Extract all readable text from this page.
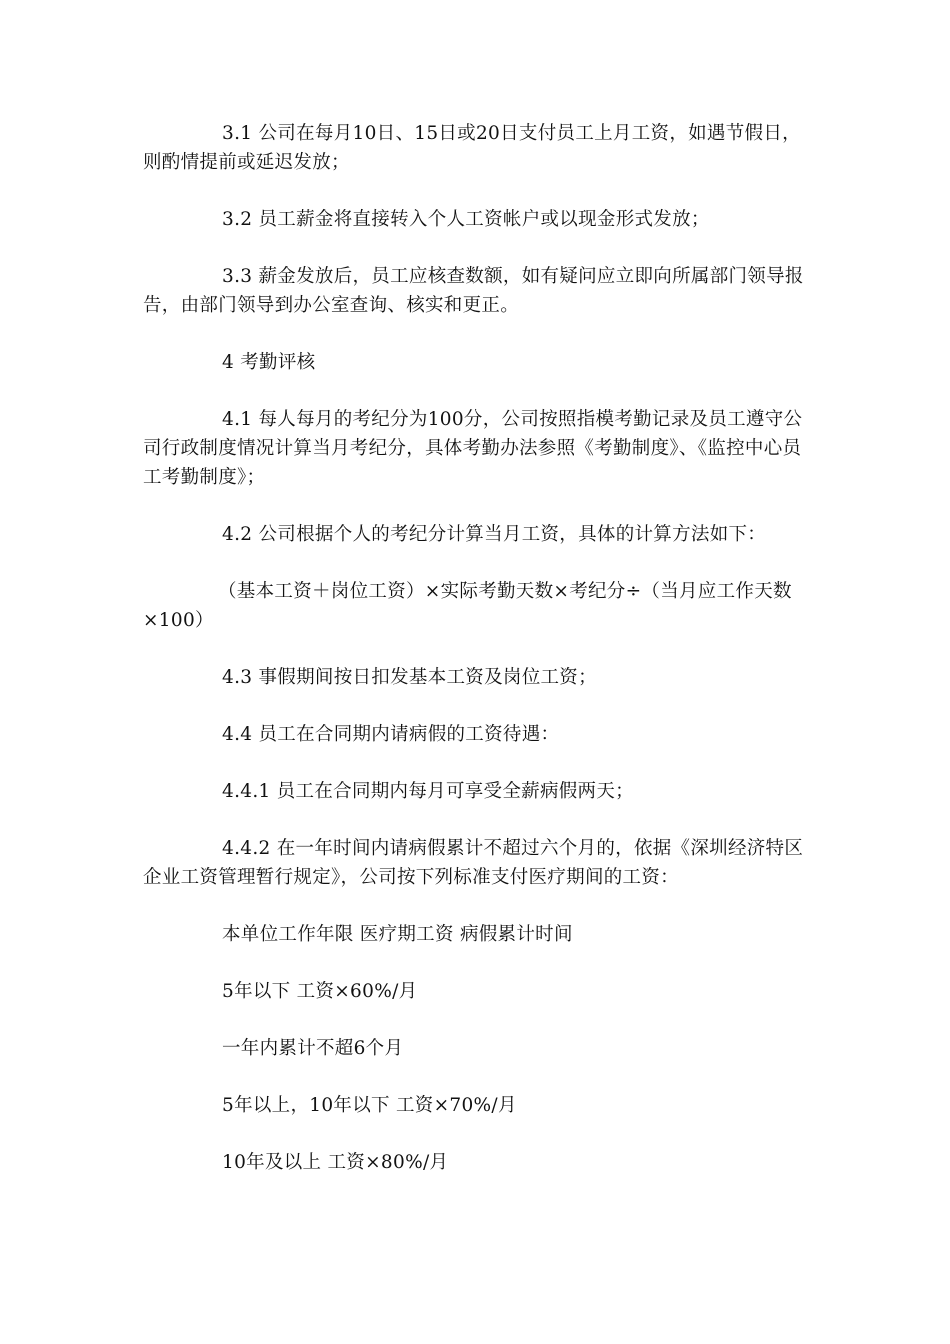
3.1 公司在每月10日、15日或20日支付员工上月工资，如遇节假日，则酌情提前或延迟发放；

3.2 员工薪金将直接转入个人工资帐户或以现金形式发放；

3.3 薪金发放后，员工应核查数额，如有疑问应立即向所属部门领导报告，由部门领导到办公室查询、核实和更正。

4 考勤评核

4.1 每人每月的考纪分为100分，公司按照指模考勤记录及员工遵守公司行政制度情况计算当月考纪分，具体考勤办法参照《考勤制度》、《监控中心员工考勤制度》；

4.2 公司根据个人的考纪分计算当月工资，具体的计算方法如下：

（基本工资＋岗位工资）×实际考勤天数×考纪分÷（当月应工作天数×100）

4.3 事假期间按日扣发基本工资及岗位工资；

4.4 员工在合同期内请病假的工资待遇：

4.4.1 员工在合同期内每月可享受全薪病假两天；

4.4.2 在一年时间内请病假累计不超过六个月的，依据《深圳经济特区企业工资管理暂行规定》，公司按下列标准支付医疗期间的工资：

本单位工作年限 医疗期工资 病假累计时间

5年以下 工资×60%/月

一年内累计不超6个月

5年以上，10年以下 工资×70%/月

10年及以上 工资×80%/月
